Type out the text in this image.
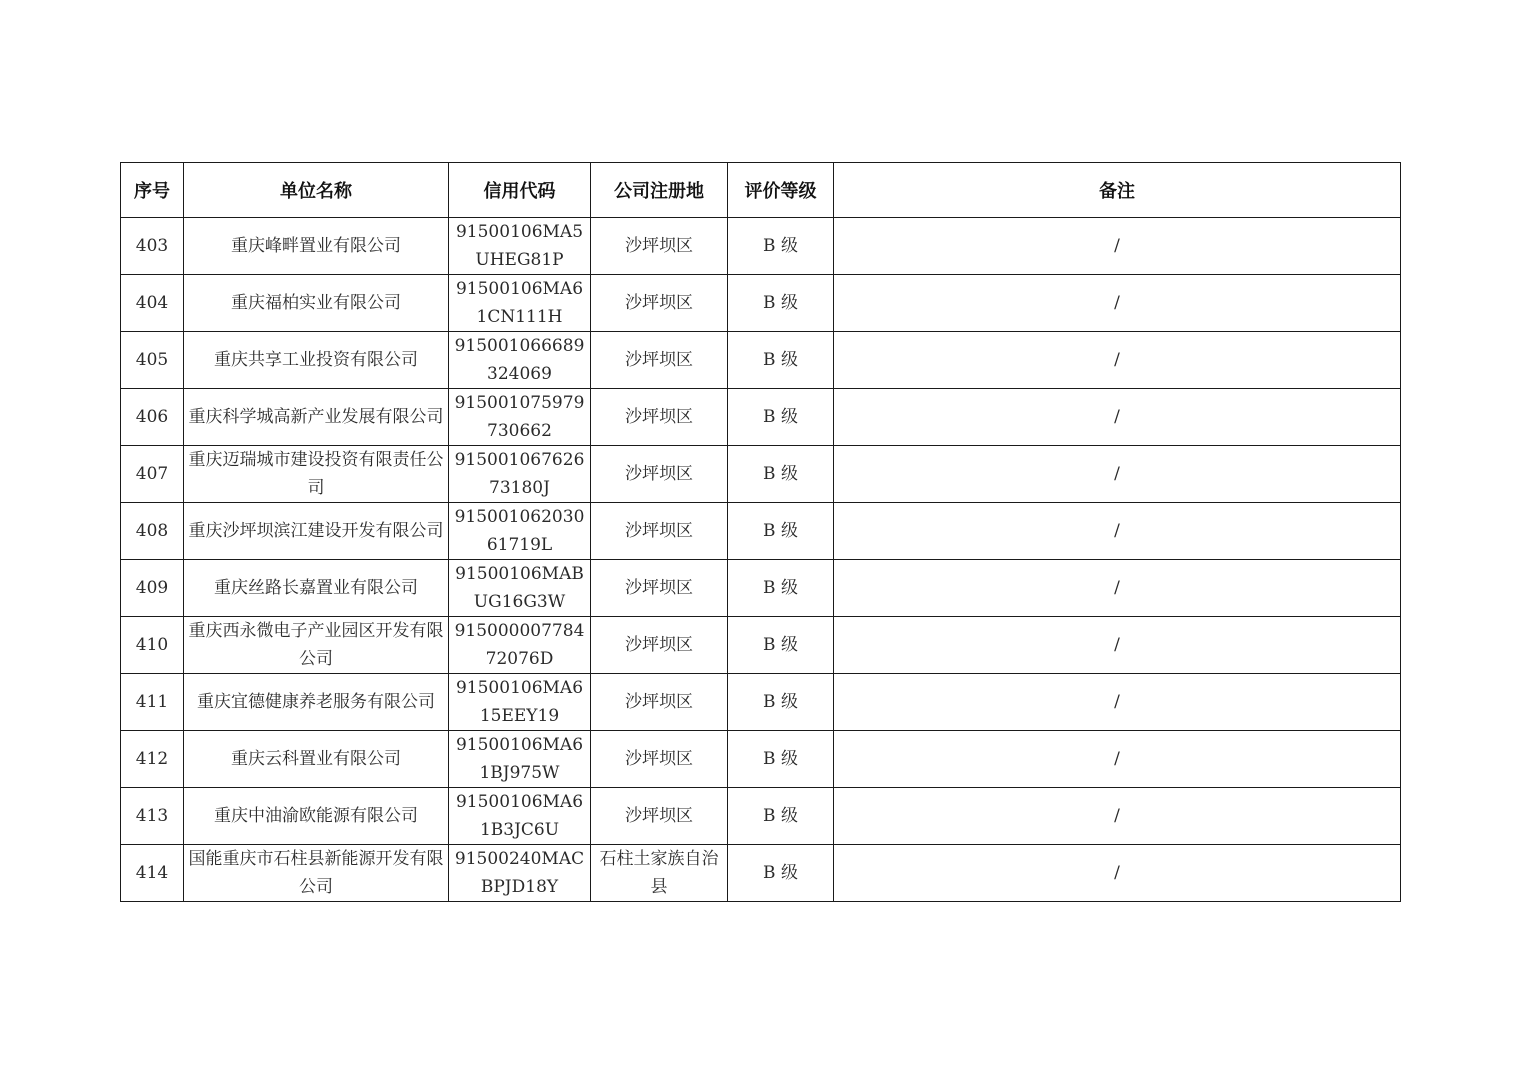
序号	单位名称	信用代码	公司注册地	评价等级	备注
403	重庆峰畔置业有限公司	91500106MA5UHEG81P	沙坪坝区	B 级	/
404	重庆福柏实业有限公司	91500106MA61CN111H	沙坪坝区	B 级	/
405	重庆共享工业投资有限公司	915001066689324069	沙坪坝区	B 级	/
406	重庆科学城高新产业发展有限公司	915001075979730662	沙坪坝区	B 级	/
407	重庆迈瑞城市建设投资有限责任公司	91500106762673180J	沙坪坝区	B 级	/
408	重庆沙坪坝滨江建设开发有限公司	91500106203061719L	沙坪坝区	B 级	/
409	重庆丝路长嘉置业有限公司	91500106MABUG16G3W	沙坪坝区	B 级	/
410	重庆西永微电子产业园区开发有限公司	91500000778472076D	沙坪坝区	B 级	/
411	重庆宜德健康养老服务有限公司	91500106MA615EEY19	沙坪坝区	B 级	/
412	重庆云科置业有限公司	91500106MA61BJ975W	沙坪坝区	B 级	/
413	重庆中油渝欧能源有限公司	91500106MA61B3JC6U	沙坪坝区	B 级	/
414	国能重庆市石柱县新能源开发有限公司	91500240MACBPJD18Y	石柱土家族自治县	B 级	/
